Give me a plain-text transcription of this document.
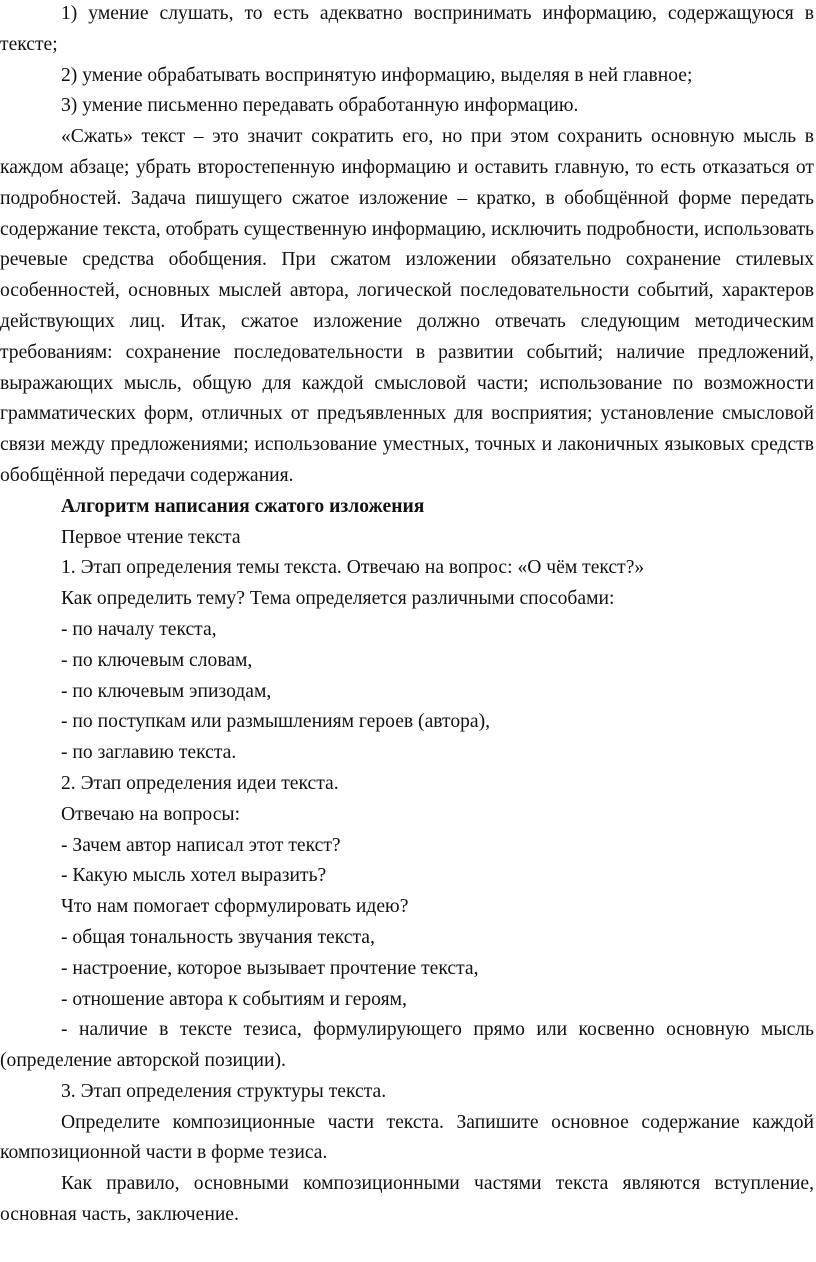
1) умение слушать, то есть адекватно воспринимать информацию, содержащуюся в тексте;

2) умение обрабатывать воспринятую информацию, выделяя в ней главное;

3) умение письменно передавать обработанную информацию.

«Сжать» текст – это значит сократить его, но при этом сохранить основную мысль в каждом абзаце; убрать второстепенную информацию и оставить главную, то есть отказаться от подробностей. Задача пишущего сжатое изложение – кратко, в обобщённой форме передать содержание текста, отобрать существенную информацию, исключить подробности, использовать речевые средства обобщения. При сжатом изложении обязательно сохранение стилевых особенностей, основных мыслей автора, логической последовательности событий, характеров действующих лиц. Итак, сжатое изложение должно отвечать следующим методическим требованиям: сохранение последовательности в развитии событий; наличие предложений, выражающих мысль, общую для каждой смысловой части; использование по возможности грамматических форм, отличных от предъявленных для восприятия; установление смысловой связи между предложениями; использование уместных, точных и лаконичных языковых средств обобщённой передачи содержания.

Алгоритм написания сжатого изложения

Первое чтение текста

1. Этап определения темы текста. Отвечаю на вопрос: «О чём текст?»

Как определить тему? Тема определяется различными способами:

- по началу текста,

- по ключевым словам,

- по ключевым эпизодам,

- по поступкам или размышлениям героев (автора),

- по заглавию текста.

2. Этап определения идеи текста.

Отвечаю на вопросы:

- Зачем автор написал этот текст?

- Какую мысль хотел выразить?

Что нам помогает сформулировать идею?

- общая тональность звучания текста,

- настроение, которое вызывает прочтение текста,

- отношение автора к событиям и героям,

- наличие в тексте тезиса, формулирующего прямо или косвенно основную мысль (определение авторской позиции).

3. Этап определения структуры текста.

Определите композиционные части текста. Запишите основное содержание каждой композиционной части в форме тезиса.

Как правило, основными композиционными частями текста являются вступление, основная часть, заключение.
